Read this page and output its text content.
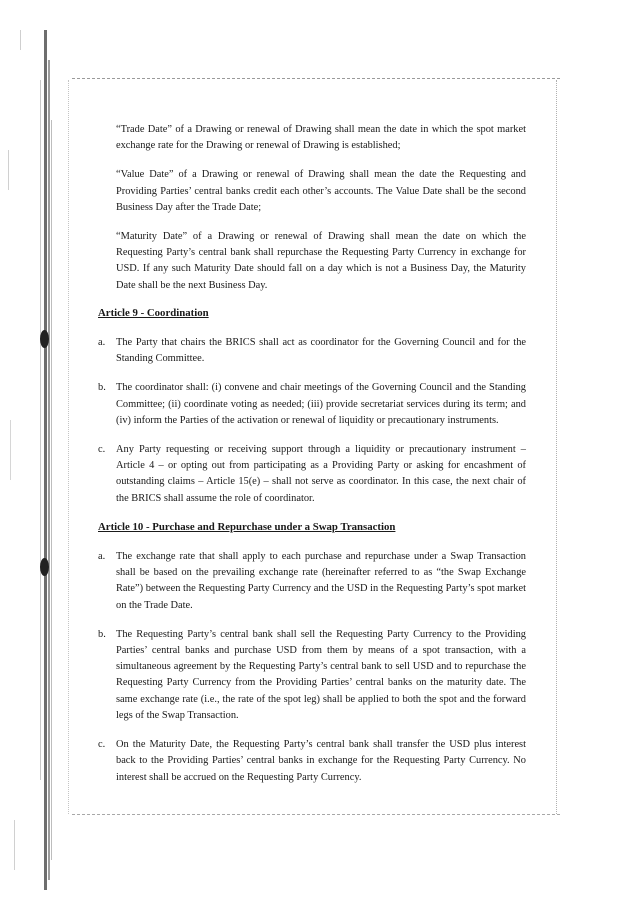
“Trade Date” of a Drawing or renewal of Drawing shall mean the date in which the spot market exchange rate for the Drawing or renewal of Drawing is established;

“Value Date” of a Drawing or renewal of Drawing shall mean the date the Requesting and Providing Parties’ central banks credit each other’s accounts. The Value Date shall be the second Business Day after the Trade Date;

“Maturity Date” of a Drawing or renewal of Drawing shall mean the date on which the Requesting Party’s central bank shall repurchase the Requesting Party Currency in exchange for USD. If any such Maturity Date should fall on a day which is not a Business Day, the Maturity Date shall be the next Business Day.

Article 9 - Coordination

a.	The Party that chairs the BRICS shall act as coordinator for the Governing Council and for the Standing Committee.
b. The coordinator shall: (i) convene and chair meetings of the Governing Council and the Standing Committee; (ii) coordinate voting as needed; (iii) provide secretariat services during its term; and (iv) inform the Parties of the activation or renewal of liquidity or precautionary instruments.
c.	Any Party requesting or receiving support through a liquidity or precautionary instrument – Article 4 – or opting out from participating as a Providing Party or asking for encashment of outstanding claims – Article 15(e) – shall not serve as coordinator. In this case, the next chair of the BRICS shall assume the role of coordinator.

Article 10 - Purchase and Repurchase under a Swap Transaction

a.	The exchange rate that shall apply to each purchase and repurchase under a Swap Transaction shall be based on the prevailing exchange rate (hereinafter referred to as “the Swap Exchange Rate”) between the Requesting Party Currency and the USD in the Requesting Party’s spot market on the Trade Date.
b. The Requesting Party’s central bank shall sell the Requesting Party Currency to the Providing Parties’ central banks and purchase USD from them by means of a spot transaction, with a simultaneous agreement by the Requesting Party’s central bank to sell USD and to repurchase the Requesting Party Currency from the Providing Parties’ central banks on the maturity date. The same exchange rate (i.e., the rate of the spot leg) shall be applied to both the spot and the forward legs of the Swap Transaction.
c.	On the Maturity Date, the Requesting Party’s central bank shall transfer the USD plus interest back to the Providing Parties’ central banks in exchange for the Requesting Party Currency. No interest shall be accrued on the Requesting Party Currency.
